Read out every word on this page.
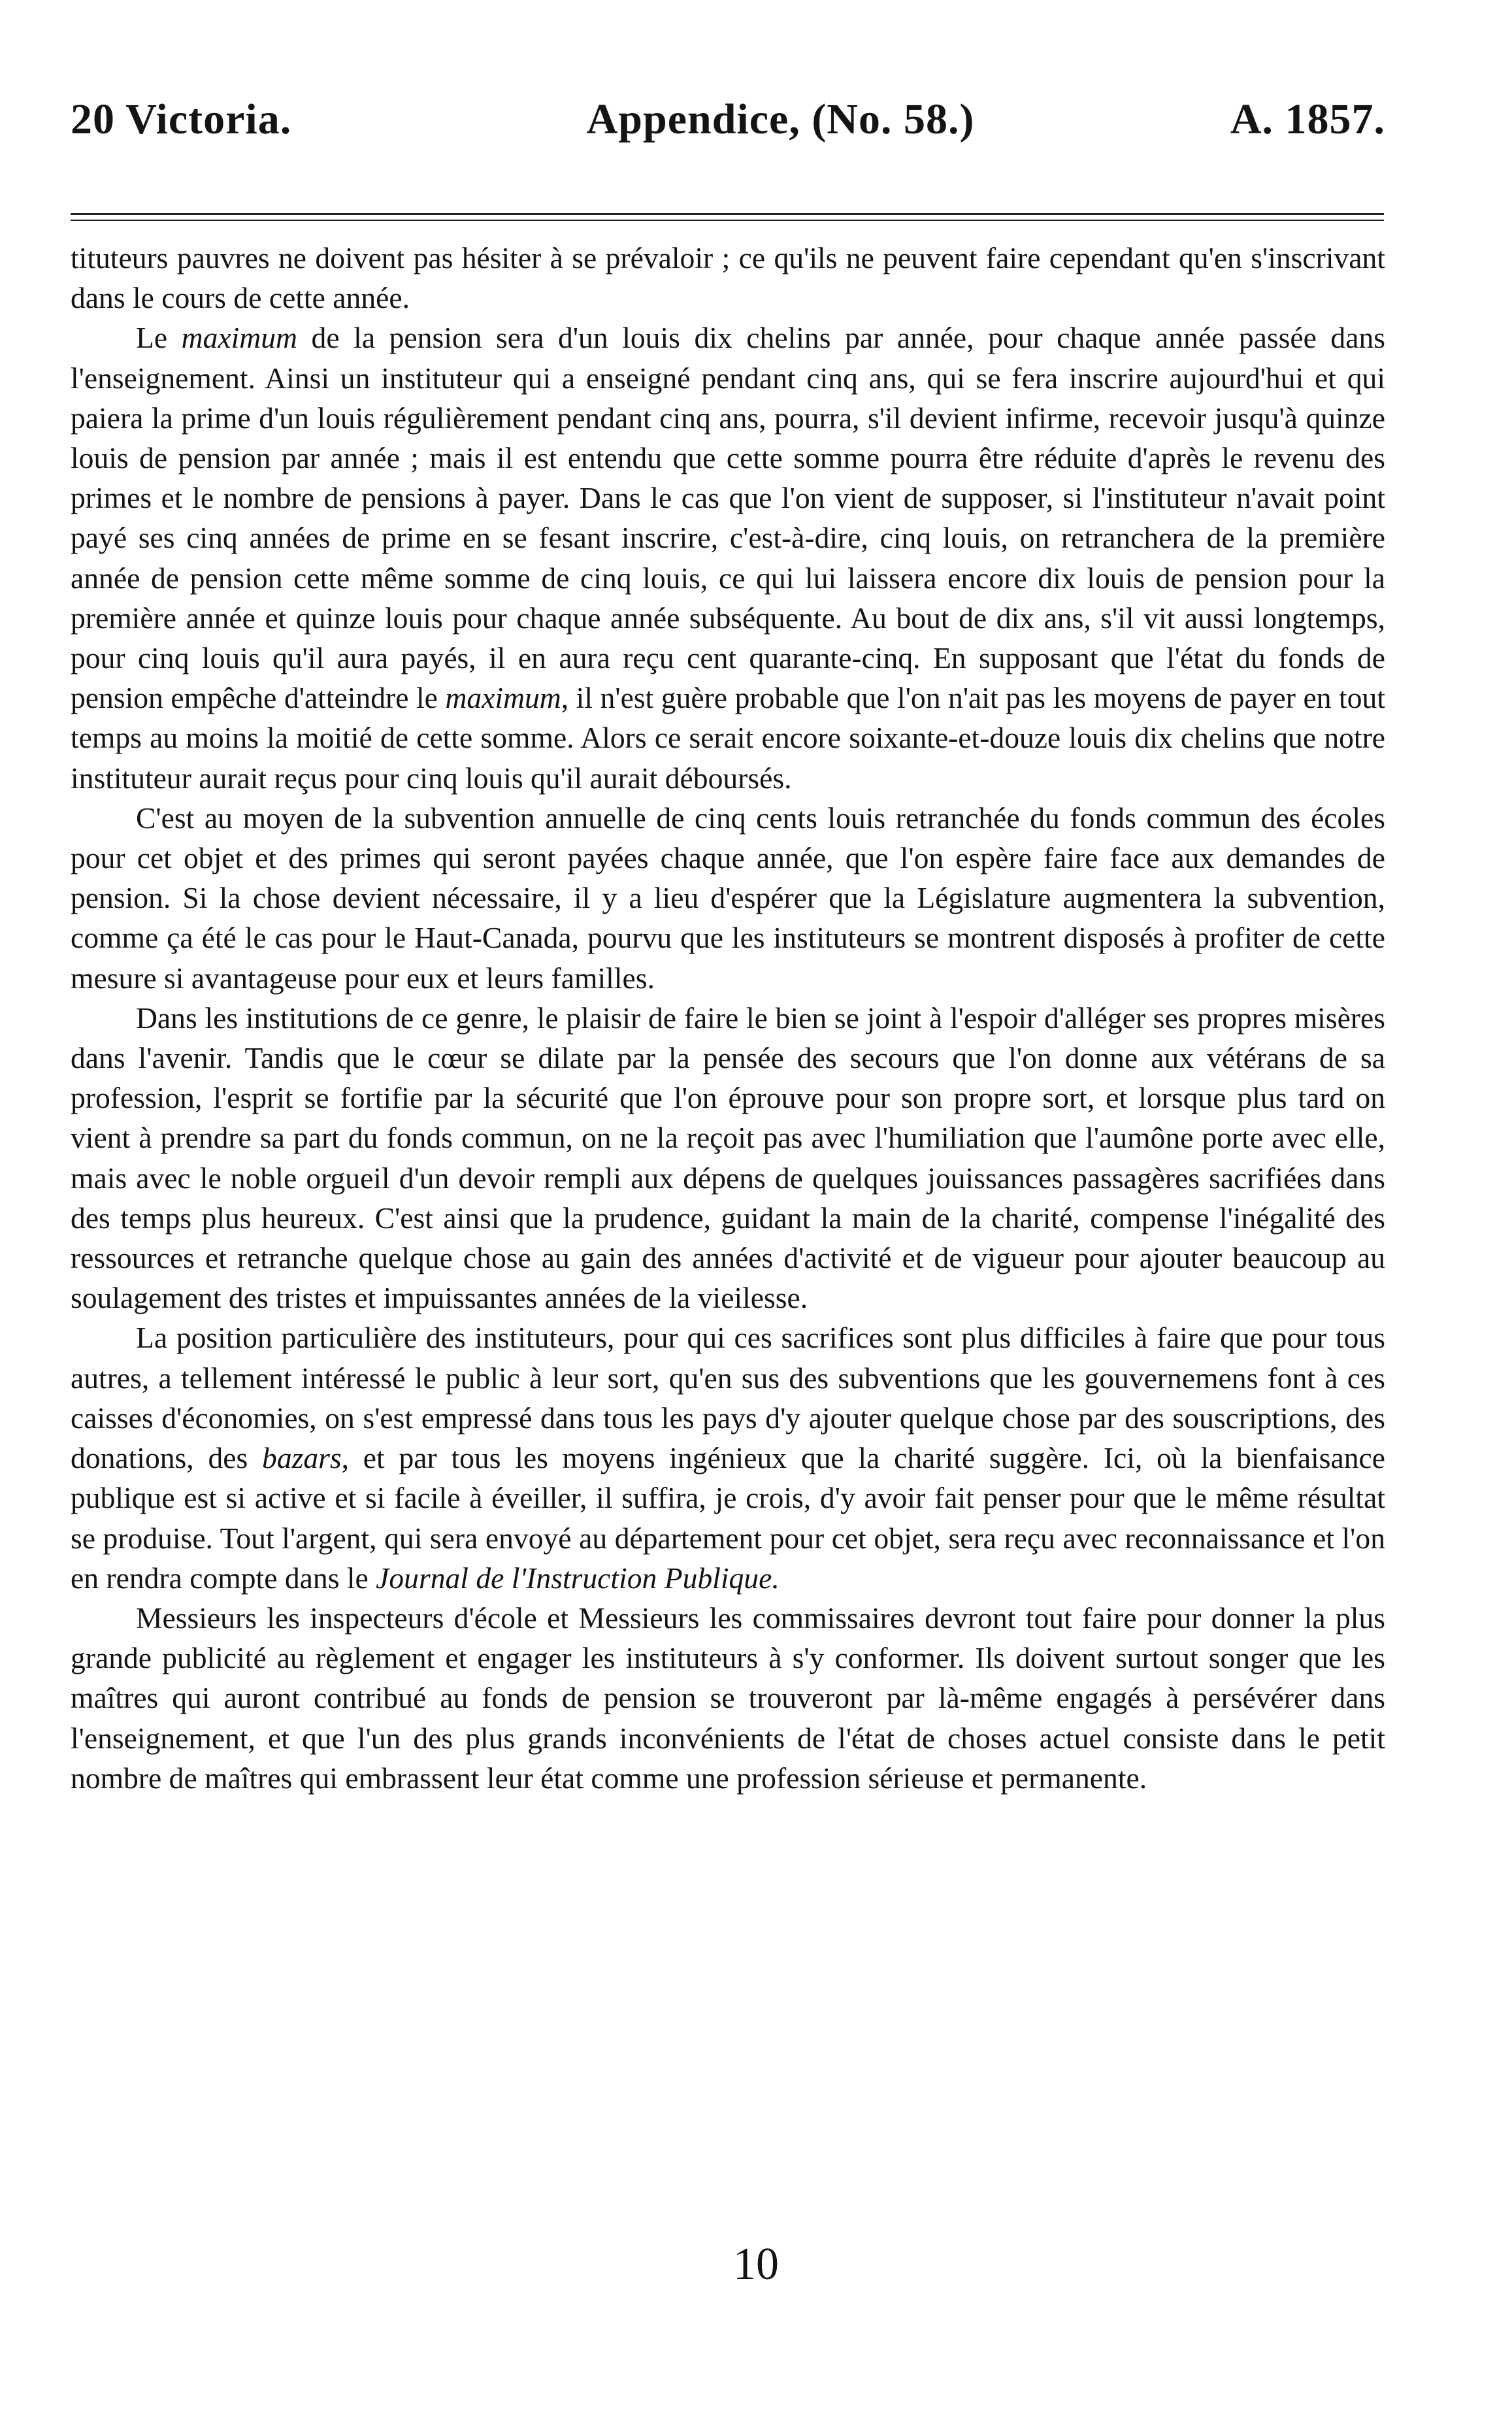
20 Victoria.	Appendice, (No. 58.)	A. 1857.

tituteurs pauvres ne doivent pas hésiter à se prévaloir ; ce qu'ils ne peuvent faire cependant qu'en s'inscrivant dans le cours de cette année.

Le maximum de la pension sera d'un louis dix chelins par année, pour chaque année passée dans l'enseignement. Ainsi un instituteur qui a enseigné pendant cinq ans, qui se fera inscrire aujourd'hui et qui paiera la prime d'un louis régulièrement pendant cinq ans, pourra, s'il devient infirme, recevoir jusqu'à quinze louis de pension par année ; mais il est entendu que cette somme pourra être réduite d'après le revenu des primes et le nombre de pensions à payer. Dans le cas que l'on vient de supposer, si l'instituteur n'avait point payé ses cinq années de prime en se fesant inscrire, c'est-à-dire, cinq louis, on retranchera de la première année de pension cette même somme de cinq louis, ce qui lui laissera encore dix louis de pension pour la première année et quinze louis pour chaque année subséquente. Au bout de dix ans, s'il vit aussi longtemps, pour cinq louis qu'il aura payés, il en aura reçu cent quarante-cinq. En supposant que l'état du fonds de pension empêche d'atteindre le maximum, il n'est guère probable que l'on n'ait pas les moyens de payer en tout temps au moins la moitié de cette somme. Alors ce serait encore soixante-et-douze louis dix chelins que notre instituteur aurait reçus pour cinq louis qu'il aurait déboursés.

C'est au moyen de la subvention annuelle de cinq cents louis retranchée du fonds commun des écoles pour cet objet et des primes qui seront payées chaque année, que l'on espère faire face aux demandes de pension. Si la chose devient nécessaire, il y a lieu d'espérer que la Législature augmentera la subvention, comme ça été le cas pour le Haut-Canada, pourvu que les instituteurs se montrent disposés à profiter de cette mesure si avantageuse pour eux et leurs familles.

Dans les institutions de ce genre, le plaisir de faire le bien se joint à l'espoir d'alléger ses propres misères dans l'avenir. Tandis que le cœur se dilate par la pensée des secours que l'on donne aux vétérans de sa profession, l'esprit se fortifie par la sécurité que l'on éprouve pour son propre sort, et lorsque plus tard on vient à prendre sa part du fonds commun, on ne la reçoit pas avec l'humiliation que l'aumône porte avec elle, mais avec le noble orgueil d'un devoir rempli aux dépens de quelques jouissances passagères sacrifiées dans des temps plus heureux. C'est ainsi que la prudence, guidant la main de la charité, compense l'inégalité des ressources et retranche quelque chose au gain des années d'activité et de vigueur pour ajouter beaucoup au soulagement des tristes et impuissantes années de la vieilesse.

La position particulière des instituteurs, pour qui ces sacrifices sont plus difficiles à faire que pour tous autres, a tellement intéressé le public à leur sort, qu'en sus des subventions que les gouvernemens font à ces caisses d'économies, on s'est empressé dans tous les pays d'y ajouter quelque chose par des souscriptions, des donations, des bazars, et par tous les moyens ingénieux que la charité suggère. Ici, où la bienfaisance publique est si active et si facile à éveiller, il suffira, je crois, d'y avoir fait penser pour que le même résultat se produise. Tout l'argent, qui sera envoyé au département pour cet objet, sera reçu avec reconnaissance et l'on en rendra compte dans le Journal de l'Instruction Publique.

Messieurs les inspecteurs d'école et Messieurs les commissaires devront tout faire pour donner la plus grande publicité au règlement et engager les instituteurs à s'y conformer. Ils doivent surtout songer que les maîtres qui auront contribué au fonds de pension se trouveront par là-même engagés à persévérer dans l'enseignement, et que l'un des plus grands inconvénients de l'état de choses actuel consiste dans le petit nombre de maîtres qui embrassent leur état comme une profession sérieuse et permanente.

10
